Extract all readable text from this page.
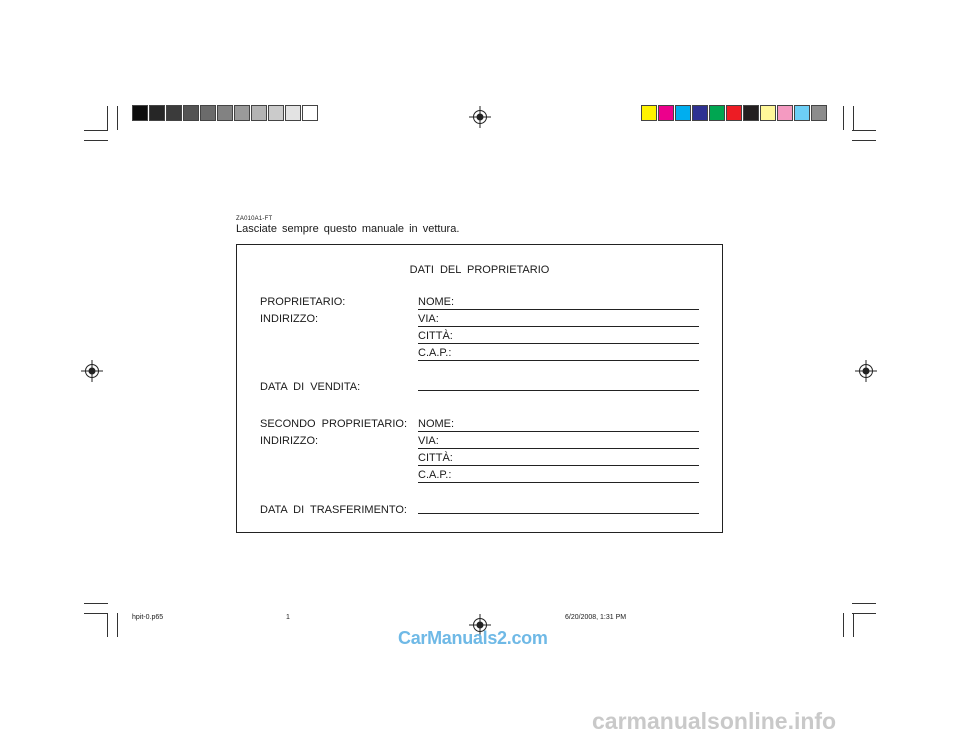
ZA010A1-FT
Lasciate sempre questo manuale in vettura.
DATI DEL PROPRIETARIO
PROPRIETARIO:
INDIRIZZO:
NOME:
VIA:
CITTÀ:
C.A.P.:
DATA DI VENDITA:
SECONDO PROPRIETARIO:
INDIRIZZO:
NOME:
VIA:
CITTÀ:
C.A.P.:
DATA DI TRASFERIMENTO:
hpit-0.p65	1	6/20/2008, 1:31 PM
CarManuals2.com
carmanualsonline.info
